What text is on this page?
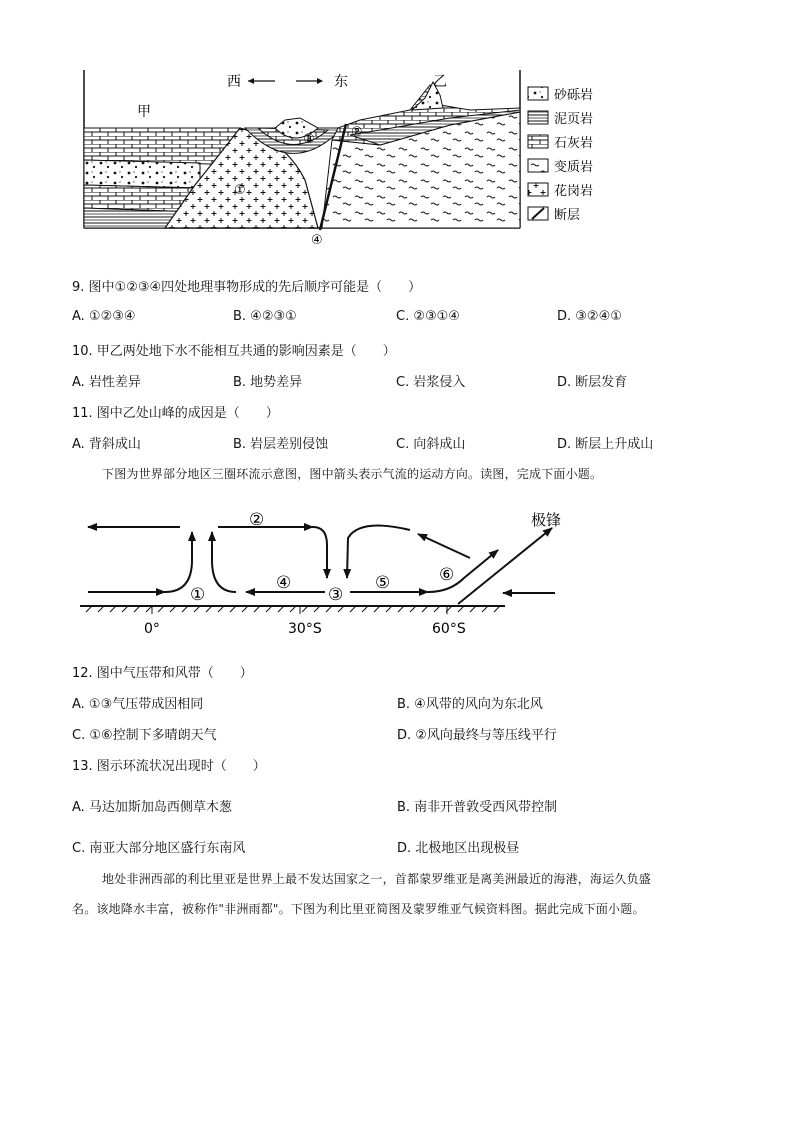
西	东
甲
乙
①
②
③
④
砂砾岩
泥页岩
石灰岩
变质岩
花岗岩
断层
9. 图中①②③④四处地理事物形成的先后顺序可能是（　　）
A. ①②③④	B. ④②③①	C. ②③①④	D. ③②④①
10. 甲乙两处地下水不能相互共通的影响因素是（　　）
A. 岩性差异	B. 地势差异	C. 岩浆侵入	D. 断层发育
11. 图中乙处山峰的成因是（　　）
A. 背斜成山	B. 岩层差别侵蚀	C. 向斜成山	D. 断层上升成山
下图为世界部分地区三圈环流示意图，图中箭头表示气流的运动方向。读图，完成下面小题。
①
②
③
④	⑤	⑥
极锋
0°	30°S	60°S
12. 图中气压带和风带（　　）
A. ①③气压带成因相同	B. ④风带的风向为东北风
C. ①⑥控制下多晴朗天气	D. ②风向最终与等压线平行
13. 图示环流状况出现时（　　）
A. 马达加斯加岛西侧草木葱	B. 南非开普敦受西风带控制
C. 南亚大部分地区盛行东南风	D. 北极地区出现极昼
地处非洲西部的利比里亚是世界上最不发达国家之一，首都蒙罗维亚是离美洲最近的海港，海运久负盛
名。该地降水丰富，被称作"非洲雨都"。下图为利比里亚简图及蒙罗维亚气候资料图。据此完成下面小题。
